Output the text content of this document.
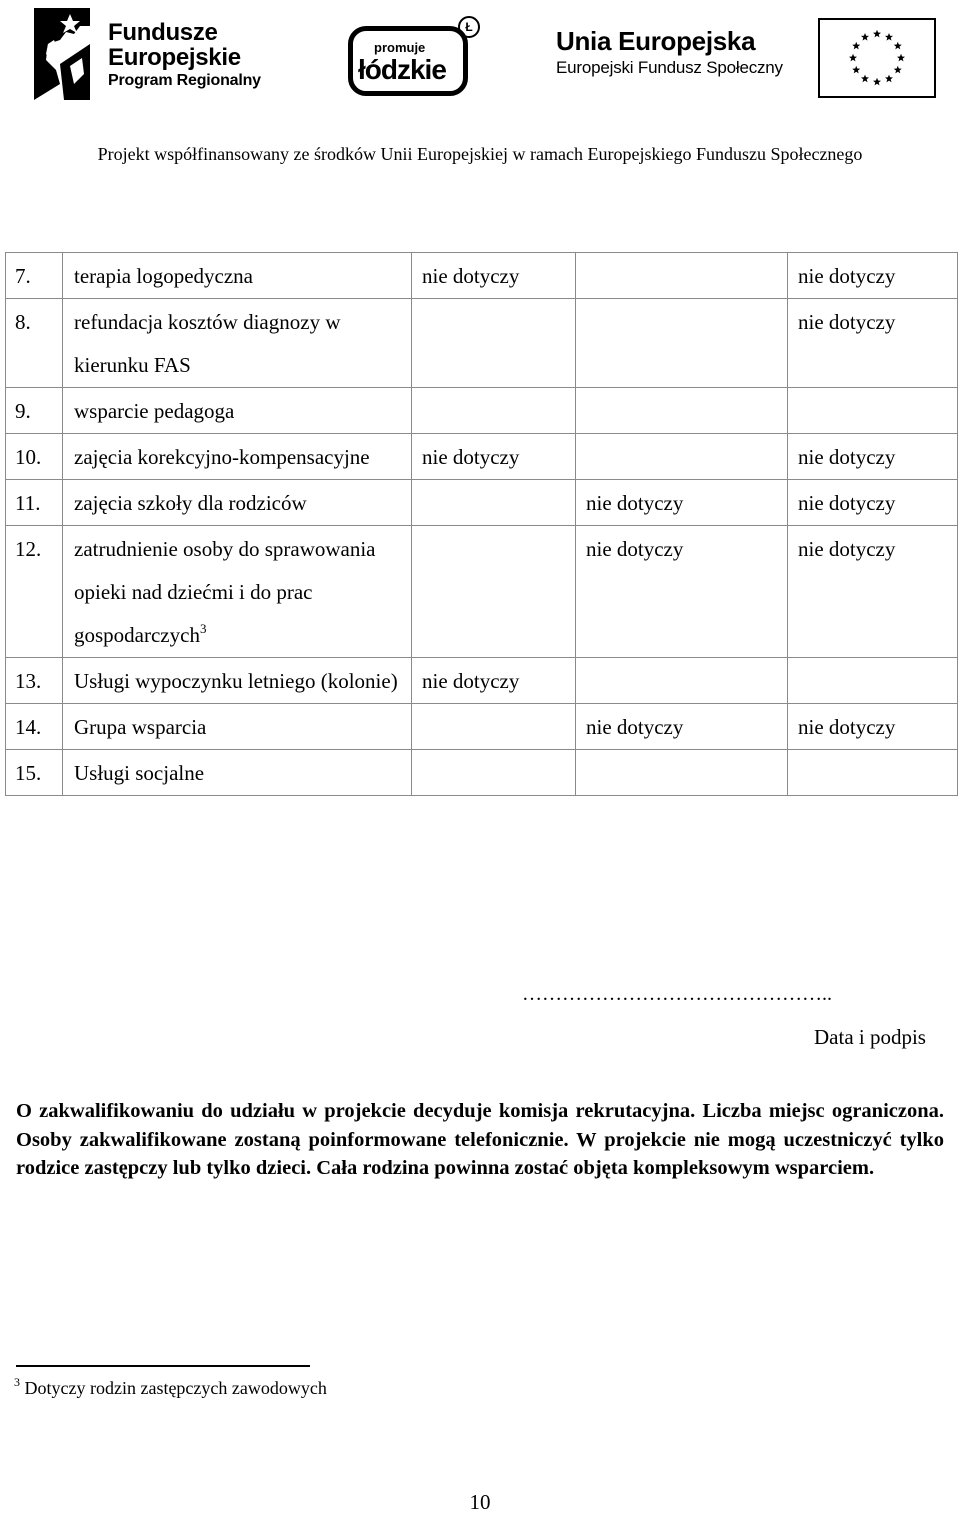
Fundusze
Europejskie
Program Regionalny
promuje
łódzkie
Ł	Unia Europejska
Europejski Fundusz Społeczny
Projekt współfinansowany ze środków Unii Europejskiej w ramach Europejskiego Funduszu Społecznego
7.	terapia logopedyczna	nie dotyczy		nie dotyczy
8.	refundacja kosztów diagnozy w kierunku FAS			nie dotyczy
9.	wsparcie pedagoga			
10.	zajęcia korekcyjno-kompensacyjne	nie dotyczy		nie dotyczy
11.	zajęcia szkoły dla rodziców		nie dotyczy	nie dotyczy
12.	zatrudnienie osoby do sprawowania opieki nad dziećmi i do prac gospodarczych$^3$		nie dotyczy	nie dotyczy
13.	Usługi wypoczynku letniego (kolonie)	nie dotyczy		
14.	Grupa wsparcia		nie dotyczy	nie dotyczy
15.	Usługi socjalne			
………………………………………..
Data i podpis
O zakwalifikowaniu do udziału w projekcie decyduje komisja rekrutacyjna. Liczba miejsc ograniczona. Osoby zakwalifikowane zostaną poinformowane telefonicznie. W projekcie nie mogą uczestniczyć tylko rodzice zastępczy lub tylko dzieci. Cała rodzina powinna zostać objęta kompleksowym wsparciem.
$^3$ Dotyczy rodzin zastępczych zawodowych
10
